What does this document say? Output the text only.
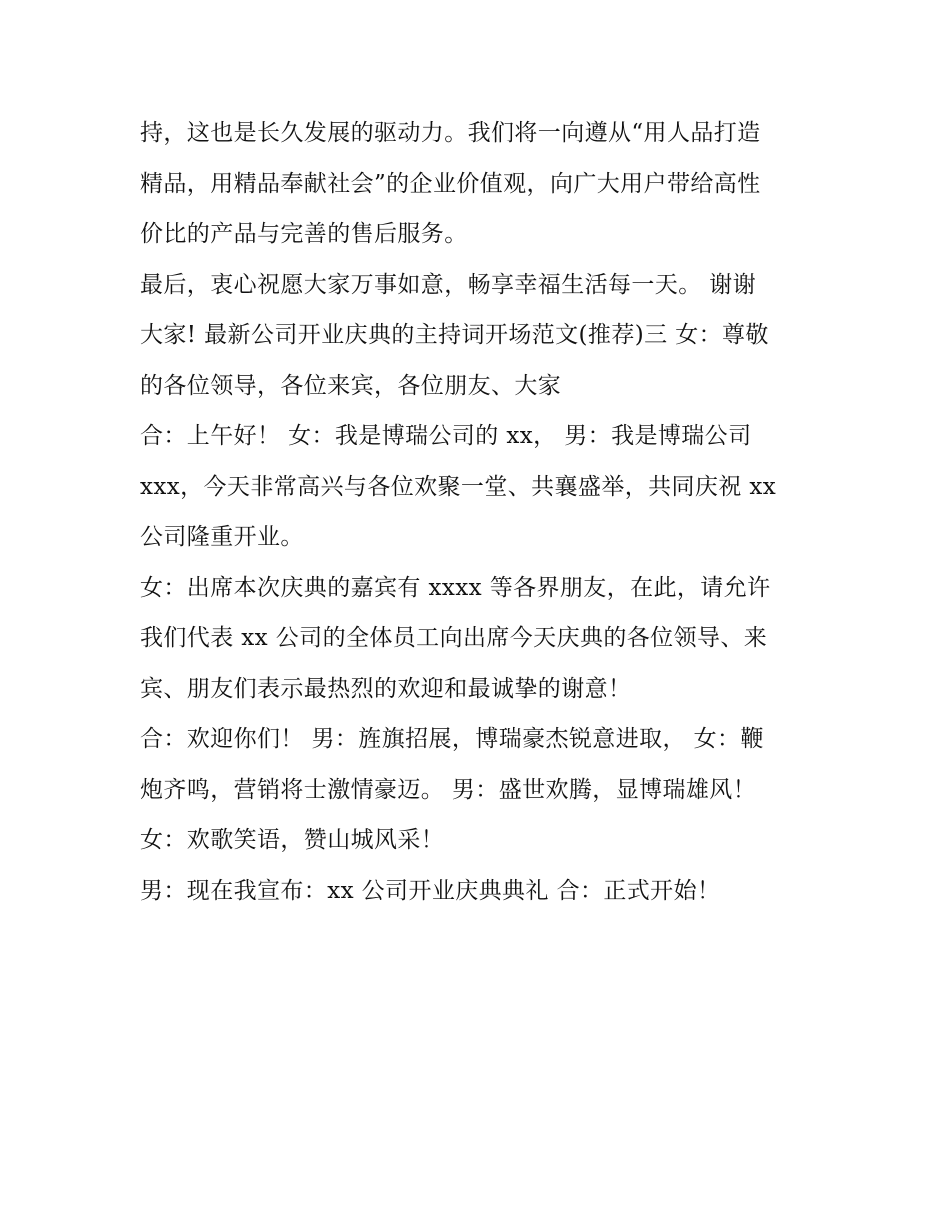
持，这也是长久发展的驱动力。我们将一向遵从“用人品打造
精品，用精品奉献社会”的企业价值观，向广大用户带给高性
价比的产品与完善的售后服务。
最后，衷心祝愿大家万事如意，畅享幸福生活每一天。 谢谢
大家! 最新公司开业庆典的主持词开场范文(推荐)三 女：尊敬
的各位领导，各位来宾，各位朋友、大家
合：上午好！ 女：我是博瑞公司的 xx， 男：我是博瑞公司
xxx，今天非常高兴与各位欢聚一堂、共襄盛举，共同庆祝 xx
公司隆重开业。
女：出席本次庆典的嘉宾有 xxxx 等各界朋友，在此，请允许
我们代表 xx 公司的全体员工向出席今天庆典的各位领导、来
宾、朋友们表示最热烈的欢迎和最诚挚的谢意！
合：欢迎你们！ 男：旌旗招展，博瑞豪杰锐意进取， 女：鞭
炮齐鸣，营销将士激情豪迈。 男：盛世欢腾，显博瑞雄风！
女：欢歌笑语，赞山城风采！
男：现在我宣布：xx 公司开业庆典典礼 合：正式开始！
